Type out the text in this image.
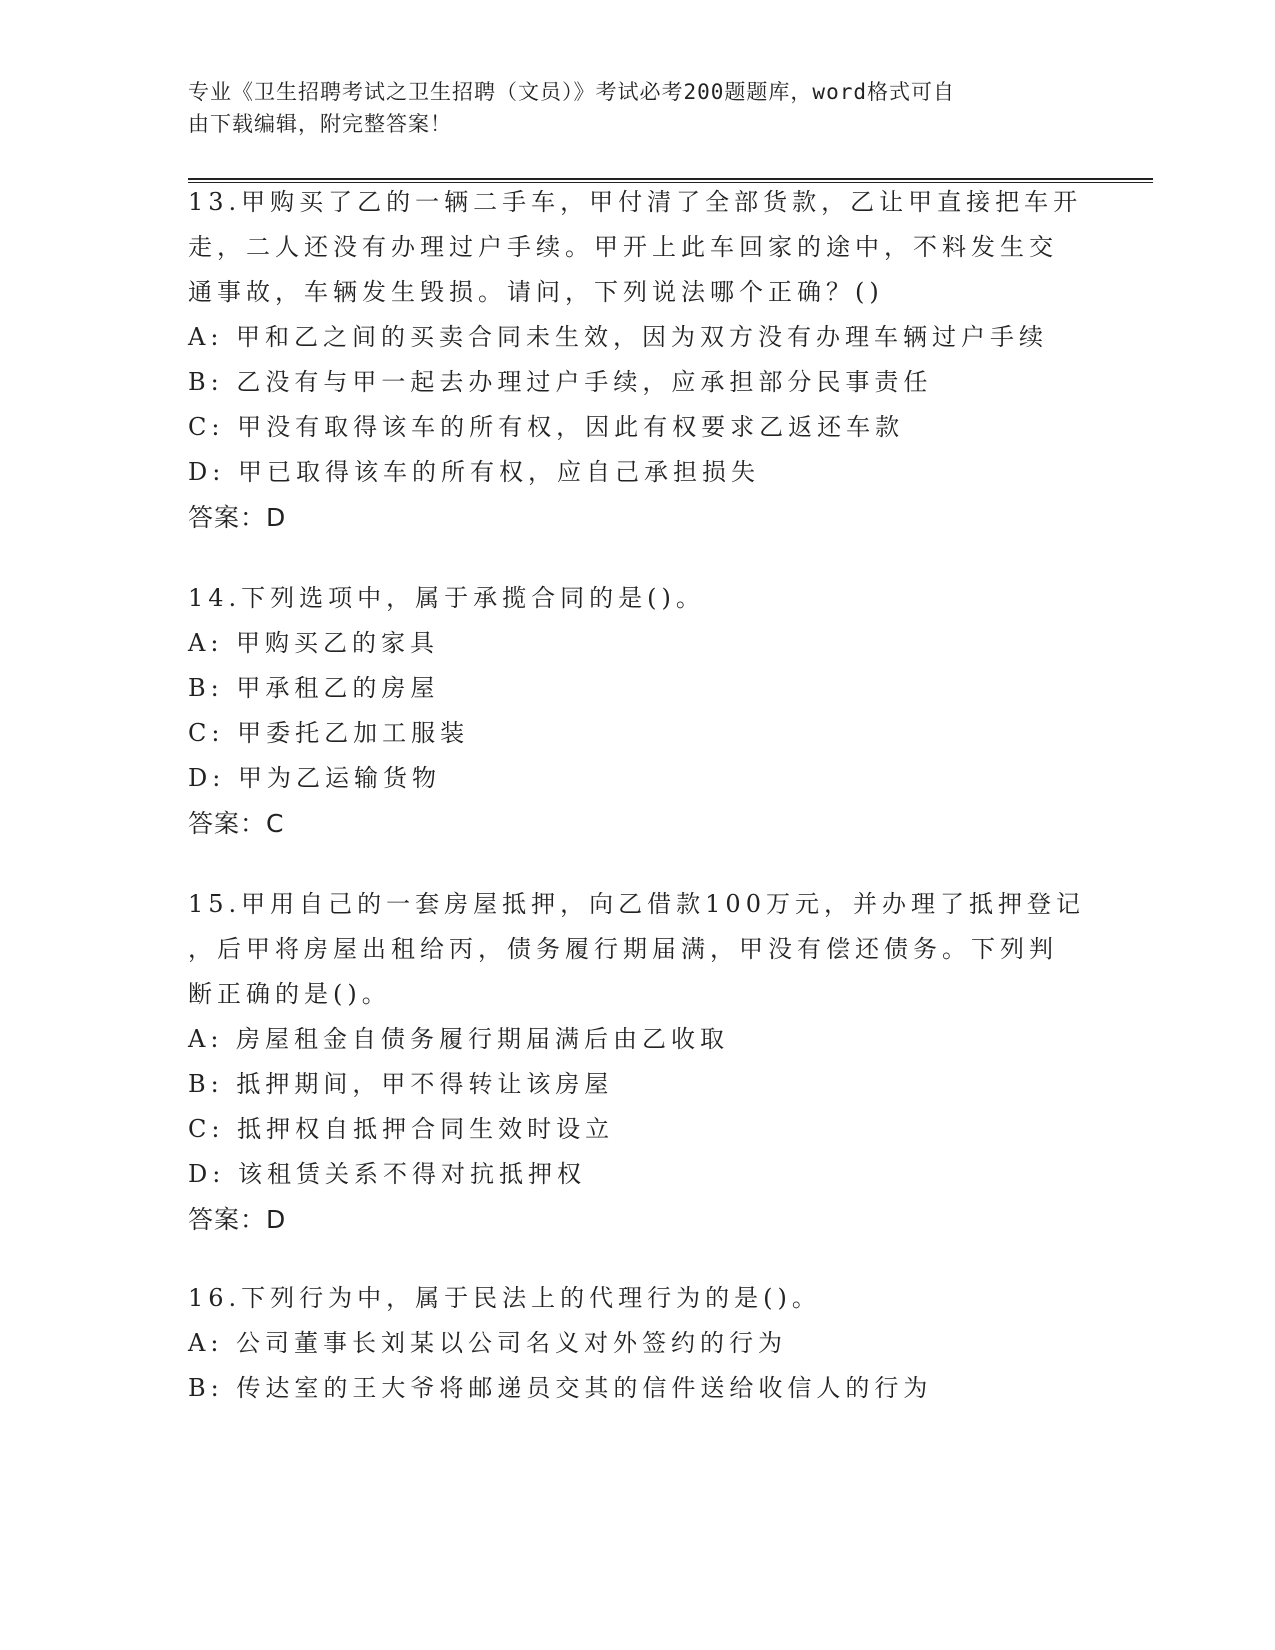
专业《卫生招聘考试之卫生招聘（文员）》考试必考200题题库，word格式可自
由下载编辑，附完整答案！
13.甲购买了乙的一辆二手车，甲付清了全部货款，乙让甲直接把车开
走，二人还没有办理过户手续。甲开上此车回家的途中，不料发生交
通事故，车辆发生毁损。请问，下列说法哪个正确？()
A: 甲和乙之间的买卖合同未生效，因为双方没有办理车辆过户手续
B: 乙没有与甲一起去办理过户手续，应承担部分民事责任
C: 甲没有取得该车的所有权，因此有权要求乙返还车款
D: 甲已取得该车的所有权，应自己承担损失
答案：D
14.下列选项中，属于承揽合同的是()。
A: 甲购买乙的家具
B: 甲承租乙的房屋
C: 甲委托乙加工服装
D: 甲为乙运输货物
答案：C
15.甲用自己的一套房屋抵押，向乙借款100万元，并办理了抵押登记
，后甲将房屋出租给丙，债务履行期届满，甲没有偿还债务。下列判
断正确的是()。
A: 房屋租金自债务履行期届满后由乙收取
B: 抵押期间，甲不得转让该房屋
C: 抵押权自抵押合同生效时设立
D: 该租赁关系不得对抗抵押权
答案：D
16.下列行为中，属于民法上的代理行为的是()。
A: 公司董事长刘某以公司名义对外签约的行为
B: 传达室的王大爷将邮递员交其的信件送给收信人的行为
